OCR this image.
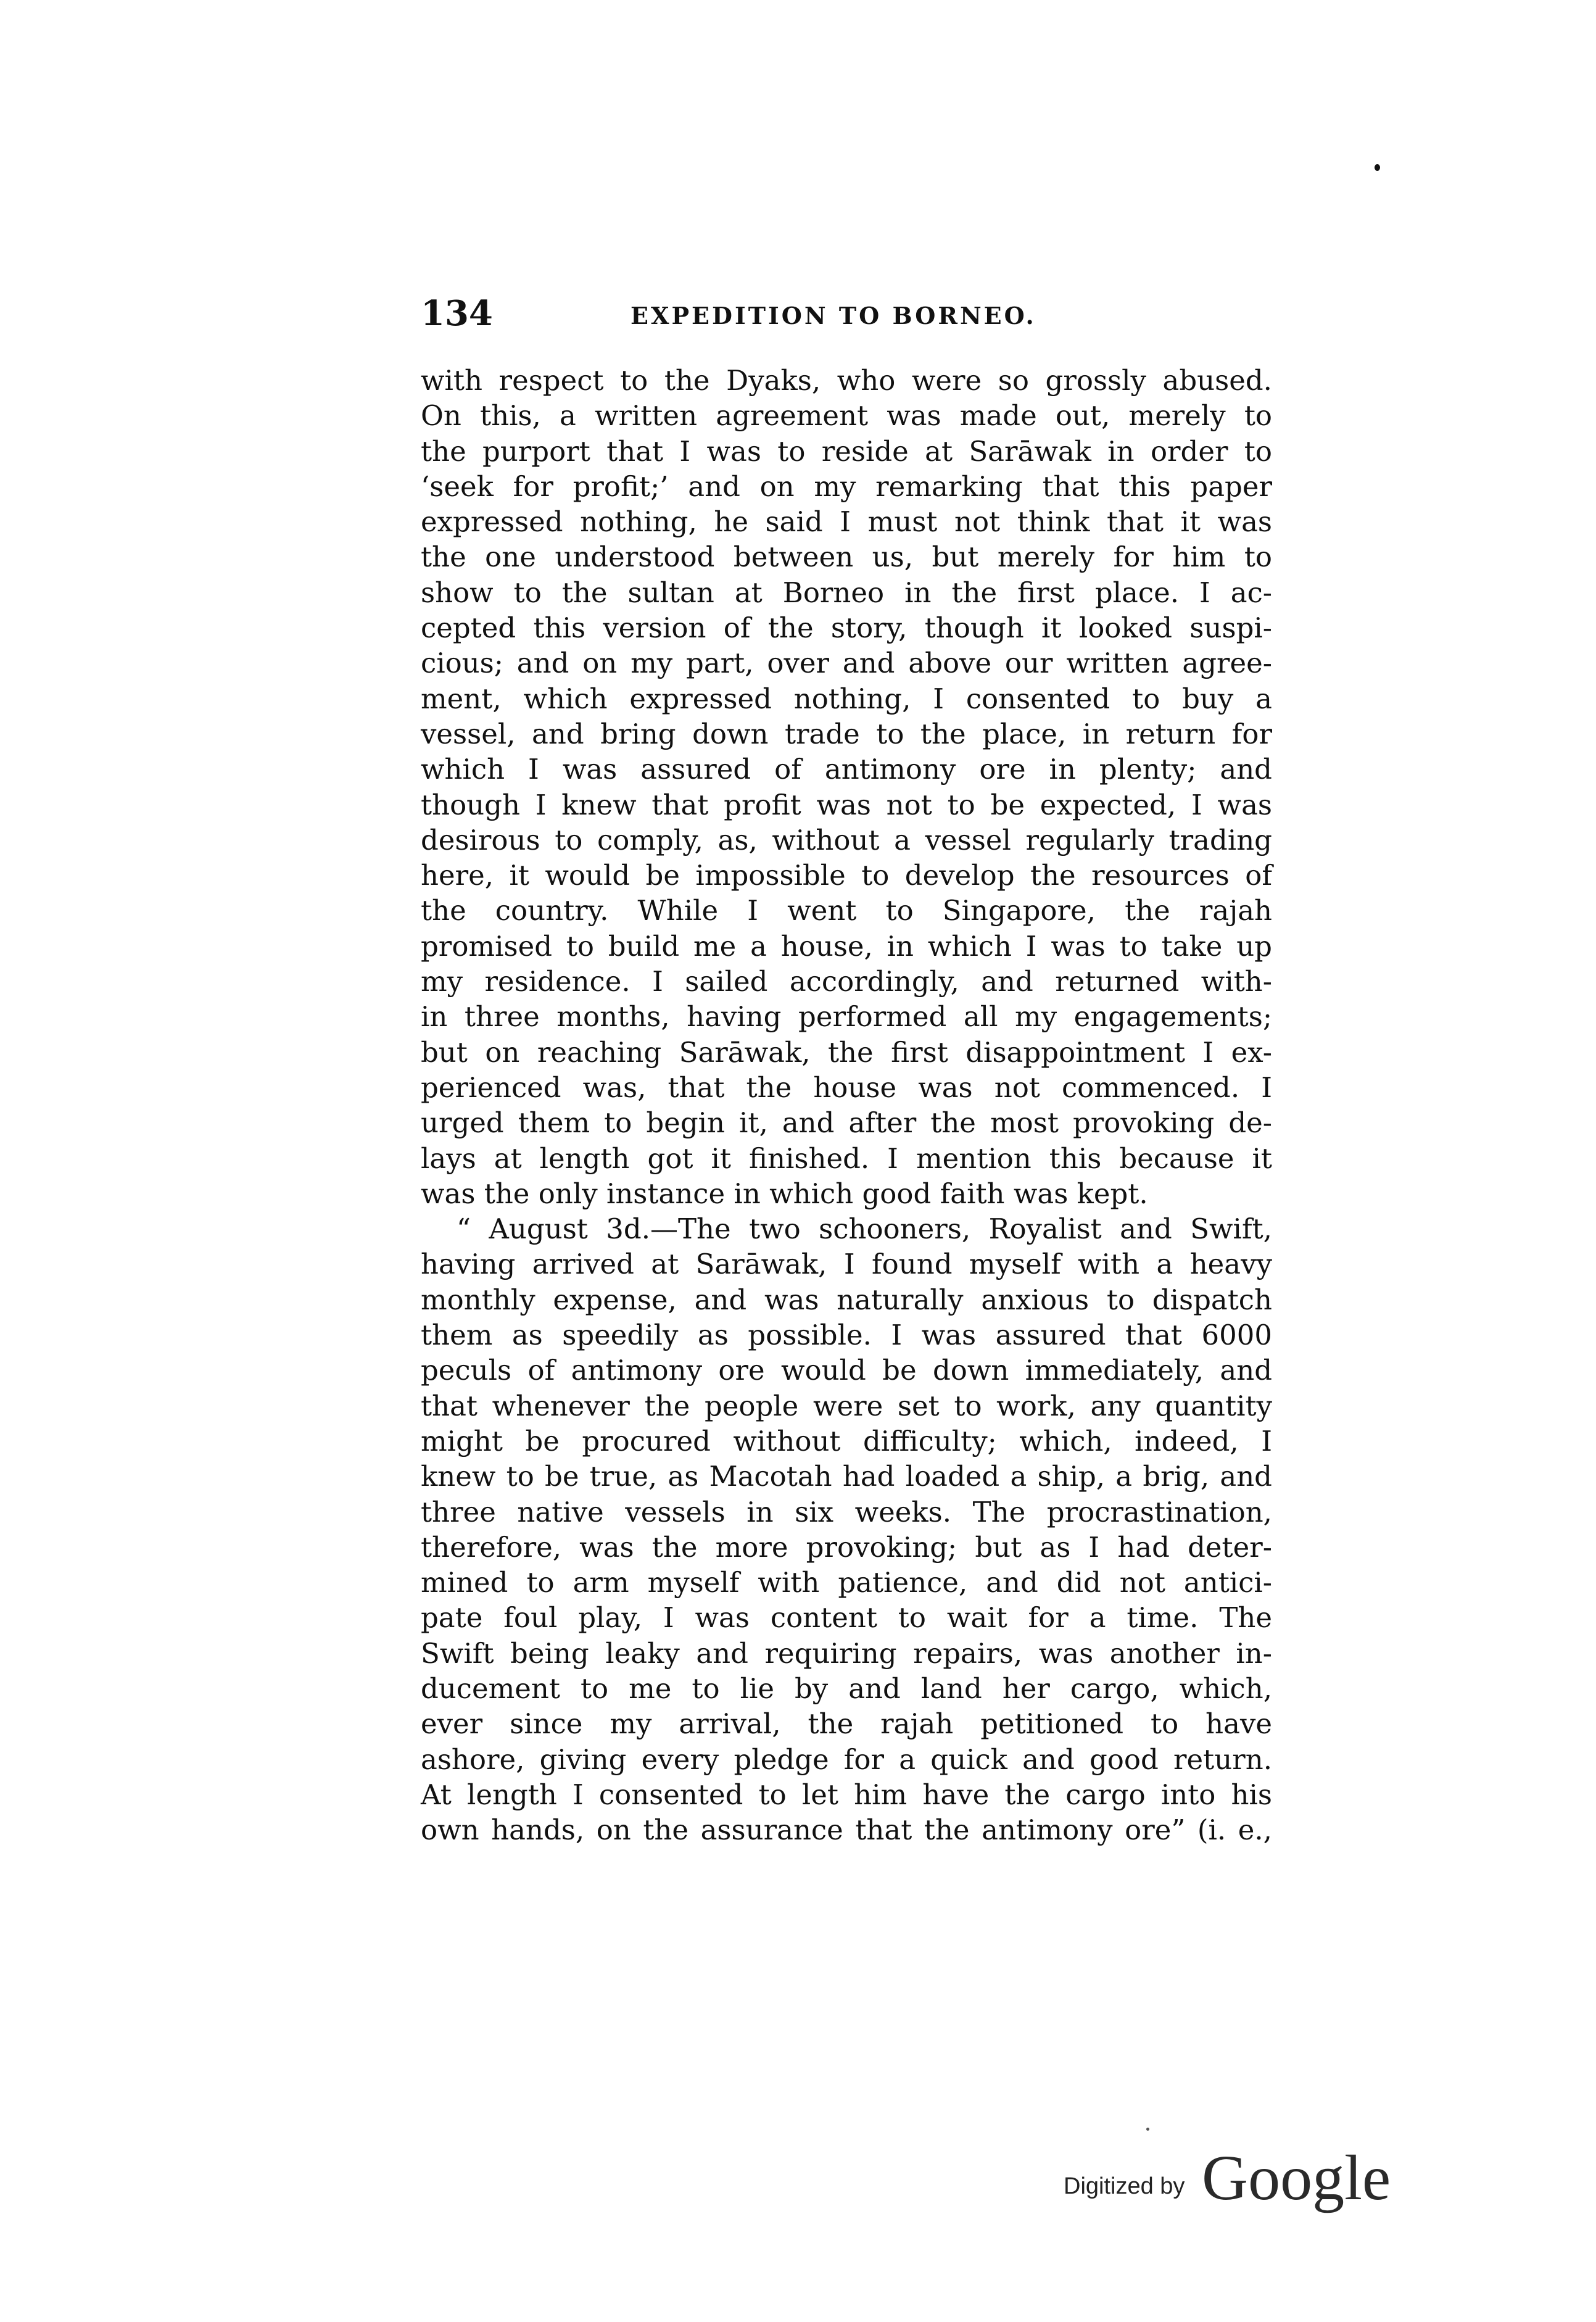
134	EXPEDITION TO BORNEO.
with respect to the Dyaks, who were so grossly abused.
On this, a written agreement was made out, merely to
the purport that I was to reside at Sarāwak in order to
‘seek for profit;’ and on my remarking that this paper
expressed nothing, he said I must not think that it was
the one understood between us, but merely for him to
show to the sultan at Borneo in the first place. I ac-
cepted this version of the story, though it looked suspi-
cious; and on my part, over and above our written agree-
ment, which expressed nothing, I consented to buy a
vessel, and bring down trade to the place, in return for
which I was assured of antimony ore in plenty; and
though I knew that profit was not to be expected, I was
desirous to comply, as, without a vessel regularly trading
here, it would be impossible to develop the resources of
the country. While I went to Singapore, the rajah
promised to build me a house, in which I was to take up
my residence. I sailed accordingly, and returned with-
in three months, having performed all my engagements;
but on reaching Sarāwak, the first disappointment I ex-
perienced was, that the house was not commenced. I
urged them to begin it, and after the most provoking de-
lays at length got it finished. I mention this because it
was the only instance in which good faith was kept.
“ August 3d.—The two schooners, Royalist and Swift,
having arrived at Sarāwak, I found myself with a heavy
monthly expense, and was naturally anxious to dispatch
them as speedily as possible. I was assured that 6000
peculs of antimony ore would be down immediately, and
that whenever the people were set to work, any quantity
might be procured without difficulty; which, indeed, I
knew to be true, as Macotah had loaded a ship, a brig, and
three native vessels in six weeks. The procrastination,
therefore, was the more provoking; but as I had deter-
mined to arm myself with patience, and did not antici-
pate foul play, I was content to wait for a time. The
Swift being leaky and requiring repairs, was another in-
ducement to me to lie by and land her cargo, which,
ever since my arrival, the rajah petitioned to have
ashore, giving every pledge for a quick and good return.
At length I consented to let him have the cargo into his
own hands, on the assurance that the antimony ore” (i. e.,
Digitized by Google
